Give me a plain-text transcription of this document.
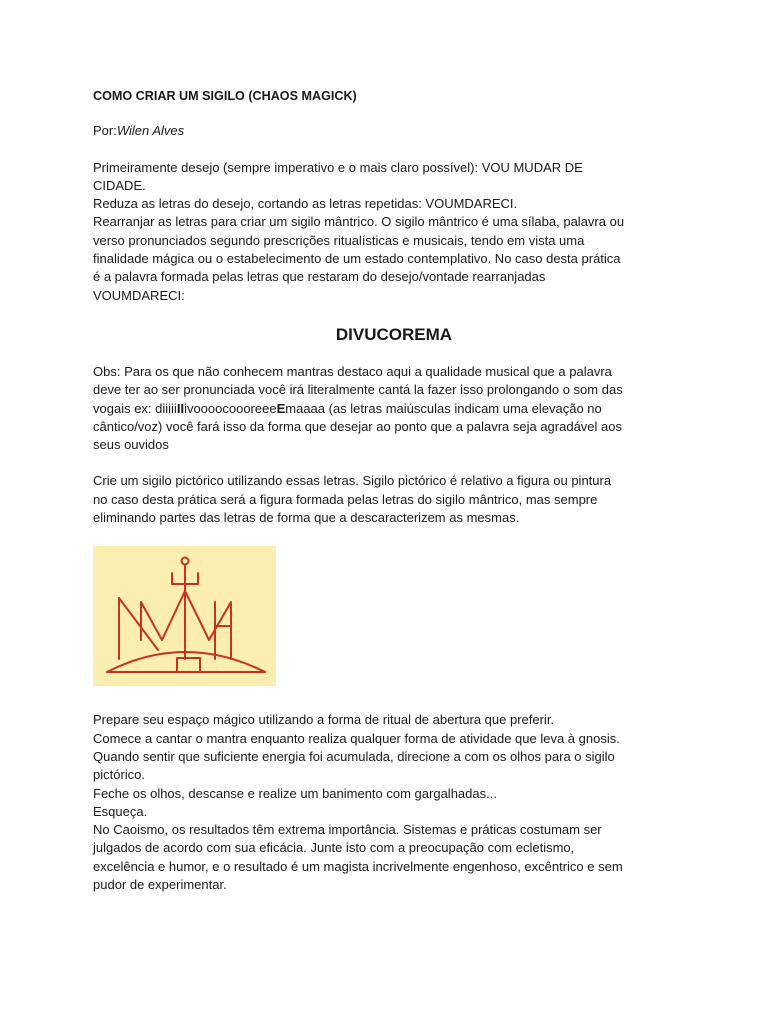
COMO CRIAR UM SIGILO (CHAOS MAGICK)

Por:Wilen Alves

Primeiramente desejo (sempre imperativo e o mais claro possível): VOU MUDAR DE
CIDADE.
Reduza as letras do desejo, cortando as letras repetidas: VOUMDARECI.
Rearranjar as letras para criar um sigilo mântrico. O sigilo mântrico é uma sílaba, palavra ou
verso pronunciados segundo prescrições ritualísticas e musicais, tendo em vista uma
finalidade mágica ou o estabelecimento de um estado contemplativo. No caso desta prática
é a palavra formada pelas letras que restaram do desejo/vontade rearranjadas
VOUMDARECI:

DIVUCOREMA

Obs: Para os que não conhecem mantras destaco aqui a qualidade musical que a palavra
deve ter ao ser pronunciada você irá literalmente cantá la fazer isso prolongando o som das
vogais ex: diiiiiIIivoooocoooreeeEmaaaa (as letras maiúsculas indicam uma elevação no
cântico/voz) você fará isso da forma que desejar ao ponto que a palavra seja agradável aos
seus ouvidos

Crie um sigilo pictórico utilizando essas letras. Sigilo pictórico é relativo a figura ou pintura
no caso desta prática será a figura formada pelas letras do sigilo mântrico, mas sempre
eliminando partes das letras de forma que a descaracterizem as mesmas.

Prepare seu espaço mágico utilizando a forma de ritual de abertura que preferir.
Comece a cantar o mantra enquanto realiza qualquer forma de atividade que leva à gnosis.
Quando sentir que suficiente energia foi acumulada, direcione a com os olhos para o sigilo
pictórico.
Feche os olhos, descanse e realize um banimento com gargalhadas...
Esqueça.
No Caoismo, os resultados têm extrema importância. Sistemas e práticas costumam ser
julgados de acordo com sua eficácia. Junte isto com a preocupação com ecletismo,
excelência e humor, e o resultado é um magista incrivelmente engenhoso, excêntrico e sem
pudor de experimentar.
